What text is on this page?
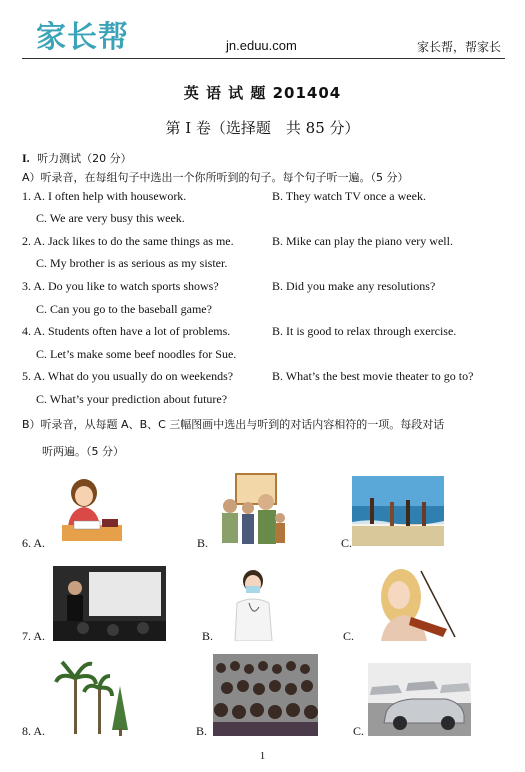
家长帮	jn.eduu.com	家长帮，帮家长
英 语 试 题 201404
第 I 卷（选择题　共 85 分）
I. 听力测试（20 分）
A）听录音，在每组句子中选出一个你所听到的句子。每个句子听一遍。（5 分）
1. A. I often help with housework.	B. They watch TV once a week.
C. We are very busy this week.
2. A. Jack likes to do the same things as me.	B. Mike can play the piano very well.
C. My brother is as serious as my sister.
3. A. Do you like to watch sports shows?	B. Did you make any resolutions?
C. Can you go to the baseball game?
4. A. Students often have a lot of problems.	B. It is good to relax through exercise.
C. Let’s make some beef noodles for Sue.
5. A. What do you usually do on weekends?	B. What’s the best movie theater to go to?
C. What’s your prediction about future?
B）听录音，从每题 A、B、C 三幅图画中选出与听到的对话内容相符的一项。每段对话
听两遍。（5 分）
6. A.	B.	C.
7. A.	B.	C.
8. A.	B.	C.
1
